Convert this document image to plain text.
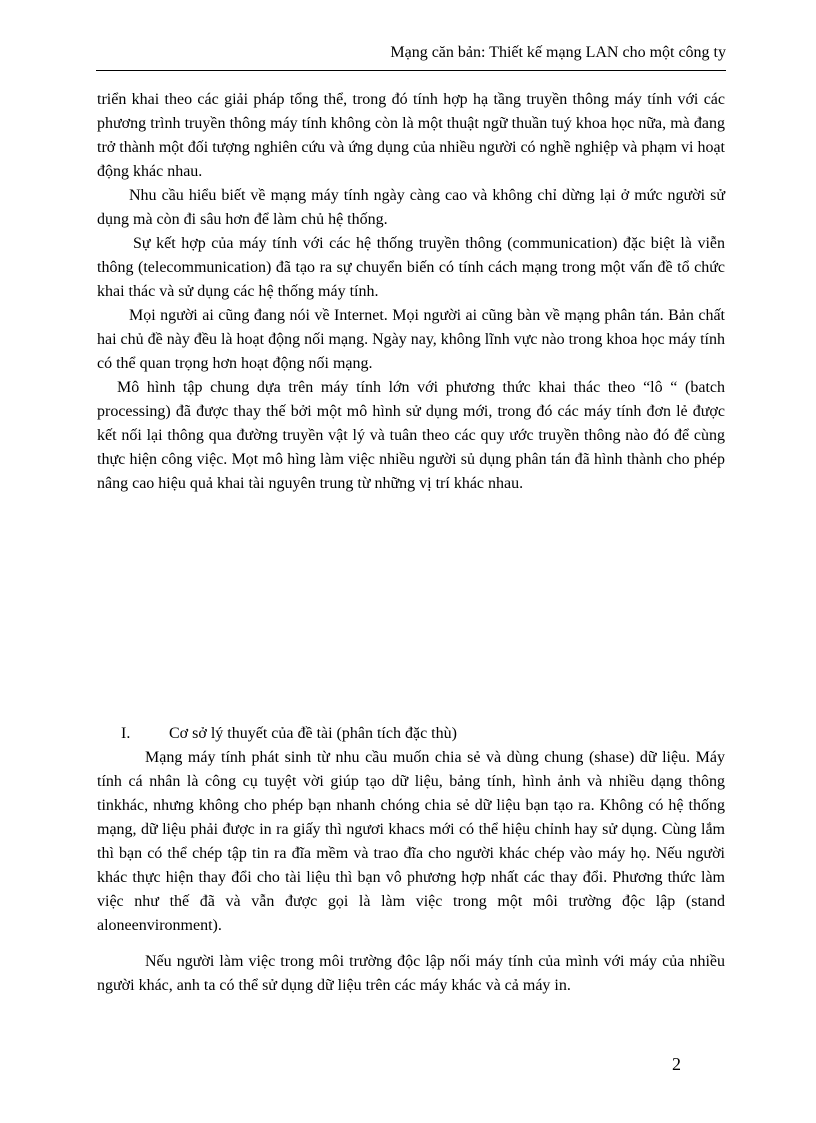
Mạng căn bản: Thiết kế mạng LAN cho một công ty

triển khai theo các giải pháp tổng thể, trong đó tính hợp hạ tầng truyền thông máy tính với các phương trình truyền thông máy tính không còn là một thuật ngữ thuần tuý khoa học nữa, mà đang trở thành một đối tượng nghiên cứu và ứng dụng của nhiều người có nghề nghiệp và phạm vi hoạt động khác nhau.

Nhu cầu hiểu biết về mạng máy tính ngày càng cao và không chỉ dừng lại ở mức người sử dụng mà còn đi sâu hơn để làm chủ hệ thống.

Sự kết hợp của máy tính với các hệ thống truyền thông (communication) đặc biệt là viễn thông (telecommunication) đã tạo ra sự chuyển biến có tính cách mạng trong một vấn đề tổ chức khai thác và sử dụng các hệ thống máy tính.

Mọi người ai cũng đang nói về Internet. Mọi người ai cũng bàn về mạng phân tán. Bản chất hai chủ đề này đều là hoạt động nối mạng. Ngày nay, không lĩnh vực nào trong khoa học máy tính có thể quan trọng hơn hoạt động nối mạng.

Mô hình tập chung dựa trên máy tính lớn với phương thức khai thác theo “lô “ (batch processing) đã được thay thế bởi một mô hình sử dụng mới, trong đó các máy tính đơn lẻ được kết nối lại thông qua đường truyền vật lý và tuân theo các quy ước truyền thông nào đó để cùng thực hiện công việc. Mọt mô hìng làm việc nhiều người sủ dụng phân tán đã hình thành cho phép nâng cao hiệu quả khai tài nguyên trung từ những vị trí khác nhau.

I. Cơ sở lý thuyết của đề tài (phân tích đặc thù)

Mạng máy tính phát sinh từ nhu cầu muốn chia sẻ và dùng chung (shase) dữ liệu. Máy tính cá nhân là công cụ tuyệt vời giúp tạo dữ liệu, bảng tính, hình ảnh và nhiều dạng thông tinkhác, nhưng không cho phép bạn nhanh chóng chia sẻ dữ liệu bạn tạo ra. Không có hệ thống mạng, dữ liệu phải được in ra giấy thì ngươi khacs mới có thể hiệu chỉnh hay sử dụng. Cùng lắm thì bạn có thể chép tập tin ra đĩa mềm và trao đĩa cho người khác chép vào máy họ. Nếu người khác thực hiện thay đổi cho tài liệu thì bạn vô phương hợp nhất các thay đổi. Phương thức làm việc như thế đã và vẫn được gọi là làm việc trong một môi trường độc lập (stand aloneenvironment).

Nếu người làm việc trong môi trường độc lập nối máy tính của mình với máy của nhiều người khác, anh ta có thể sử dụng dữ liệu trên các máy khác và cả máy in.

2
